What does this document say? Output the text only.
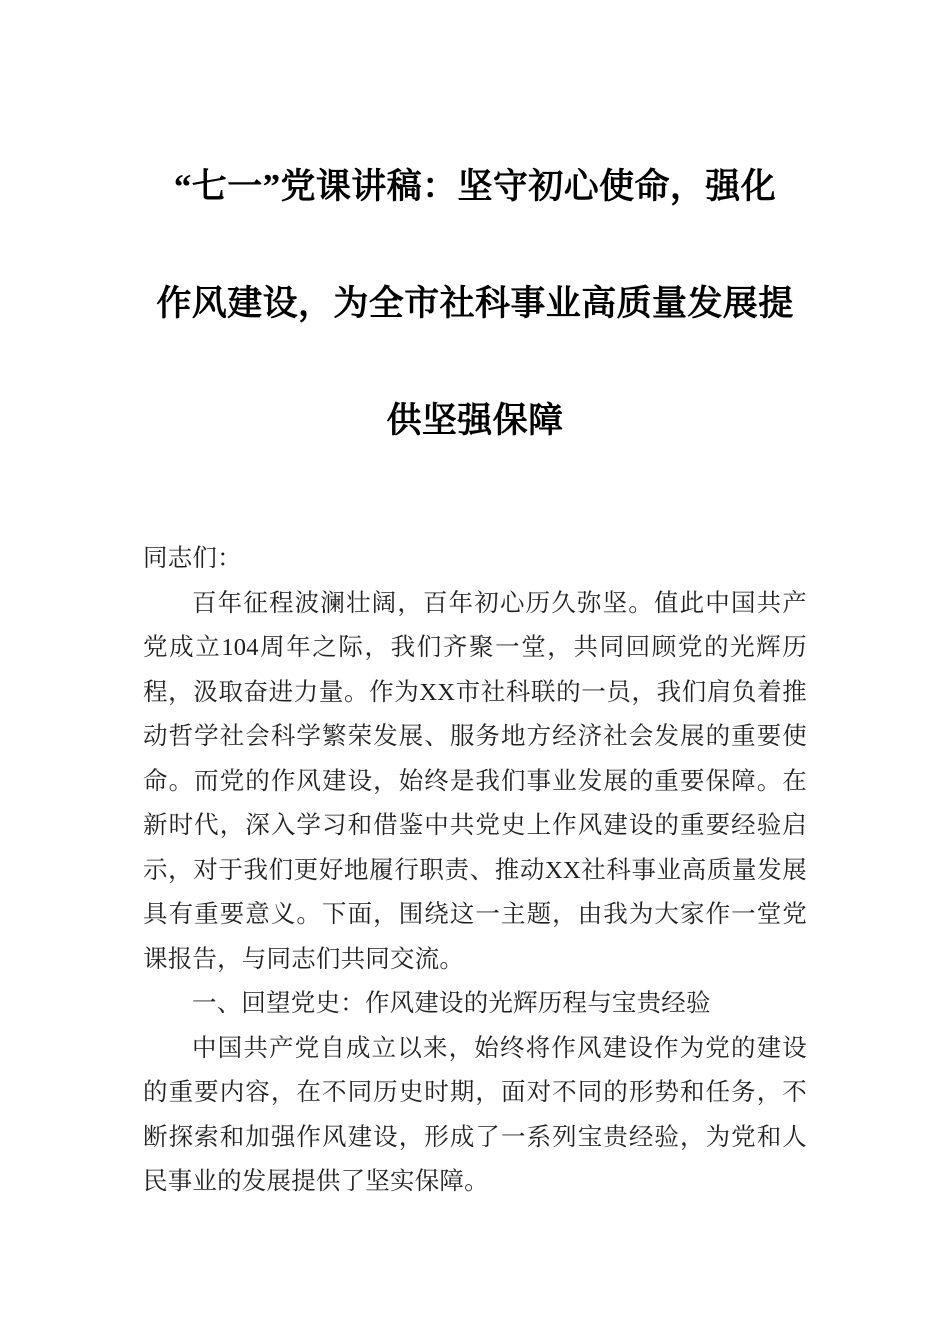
“七一”党课讲稿：坚守初心使命，强化
作风建设，为全市社科事业高质量发展提
供坚强保障

同志们：

百年征程波澜壮阔，百年初心历久弥坚。值此中国共产党成立104周年之际，我们齐聚一堂，共同回顾党的光辉历程，汲取奋进力量。作为XX市社科联的一员，我们肩负着推动哲学社会科学繁荣发展、服务地方经济社会发展的重要使命。而党的作风建设，始终是我们事业发展的重要保障。在新时代，深入学习和借鉴中共党史上作风建设的重要经验启示，对于我们更好地履行职责、推动XX社科事业高质量发展具有重要意义。下面，围绕这一主题，由我为大家作一堂党课报告，与同志们共同交流。

一、回望党史：作风建设的光辉历程与宝贵经验

中国共产党自成立以来，始终将作风建设作为党的建设的重要内容，在不同历史时期，面对不同的形势和任务，不断探索和加强作风建设，形成了一系列宝贵经验，为党和人民事业的发展提供了坚实保障。
